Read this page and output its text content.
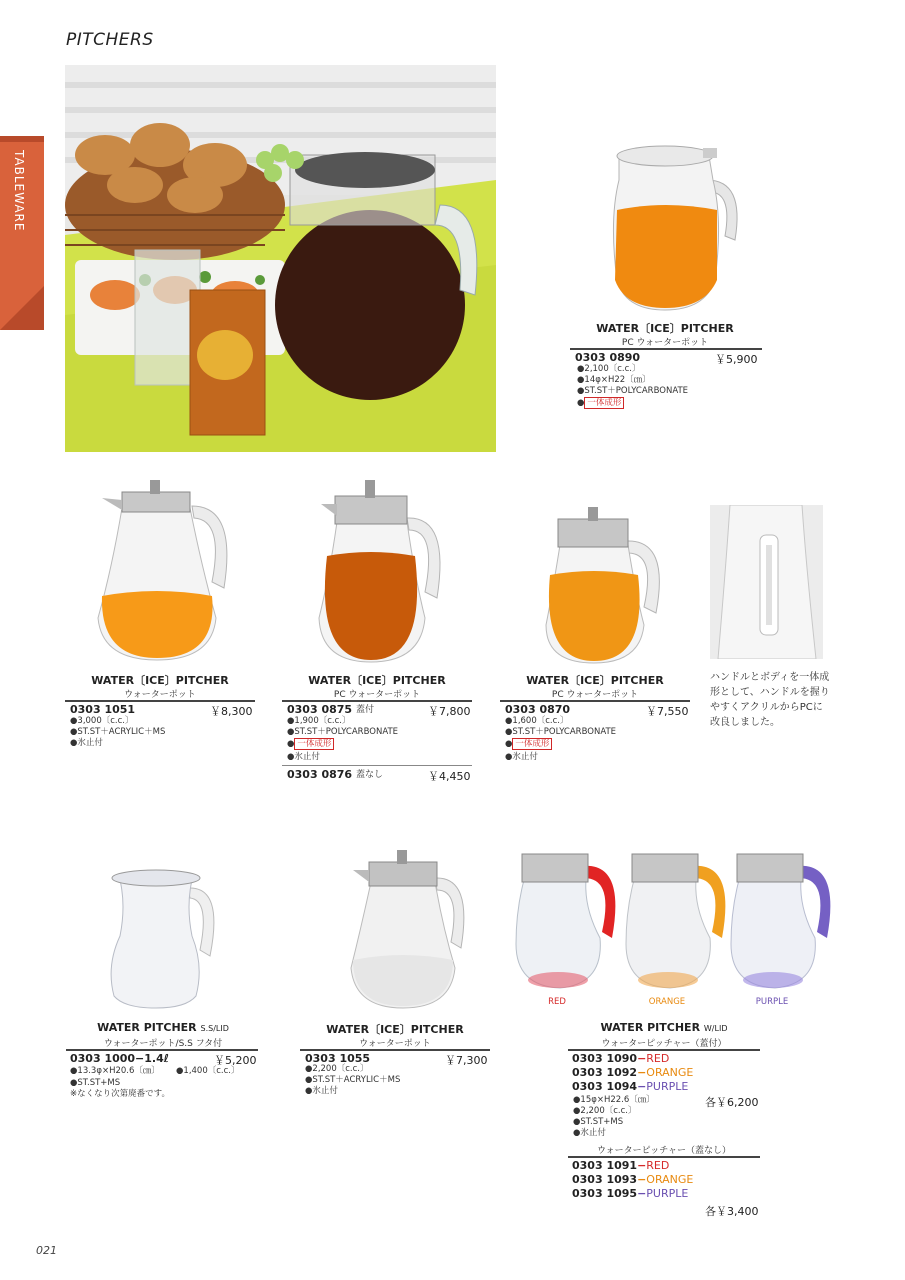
PITCHERS
TABLEWARE
WATER〔ICE〕PITCHER
PC ウォーターポット
0303 0890	￥5,900
●2,100〔c.c.〕
●14φ×H22〔㎝〕
●ST.ST＋POLYCARBONATE
● 一体成形
WATER〔ICE〕PITCHER
ウォーターポット
0303 1051	￥8,300
●3,000〔c.c.〕
●ST.ST＋ACRYLIC＋MS
●氷止付
WATER〔ICE〕PITCHER
PC ウォーターポット
0303 0875 蓋付	￥7,800
●1,900〔c.c.〕
●ST.ST＋POLYCARBONATE
● 一体成形
●氷止付
0303 0876 蓋なし	￥4,450
WATER〔ICE〕PITCHER
PC ウォーターポット
0303 0870	￥7,550
●1,600〔c.c.〕
●ST.ST＋POLYCARBONATE
● 一体成形
●氷止付
ハンドルとボディを一体成形として、ハンドルを握りやすくアクリルからPCに改良しました。
WATER PITCHER S.S/LID
ウォーターポット/S.S フタ付
0303 1000−1.4ℓ	￥5,200
●13.3φ×H20.6〔㎝〕 ●1,400〔c.c.〕
●ST.ST+MS
※なくなり次第廃番です。
WATER〔ICE〕PITCHER
ウォーターポット
0303 1055	￥7,300
●2,200〔c.c.〕
●ST.ST＋ACRYLIC＋MS
●氷止付
RED	ORANGE	PURPLE
WATER PITCHER W/LID
ウォーターピッチャー（蓋付）
0303 1090−RED
0303 1092−ORANGE
0303 1094−PURPLE
各￥6,200
●15φ×H22.6〔㎝〕
●2,200〔c.c.〕
●ST.ST+MS
●氷止付
ウォーターピッチャー（蓋なし）
0303 1091−RED
0303 1093−ORANGE
0303 1095−PURPLE
各￥3,400
021
